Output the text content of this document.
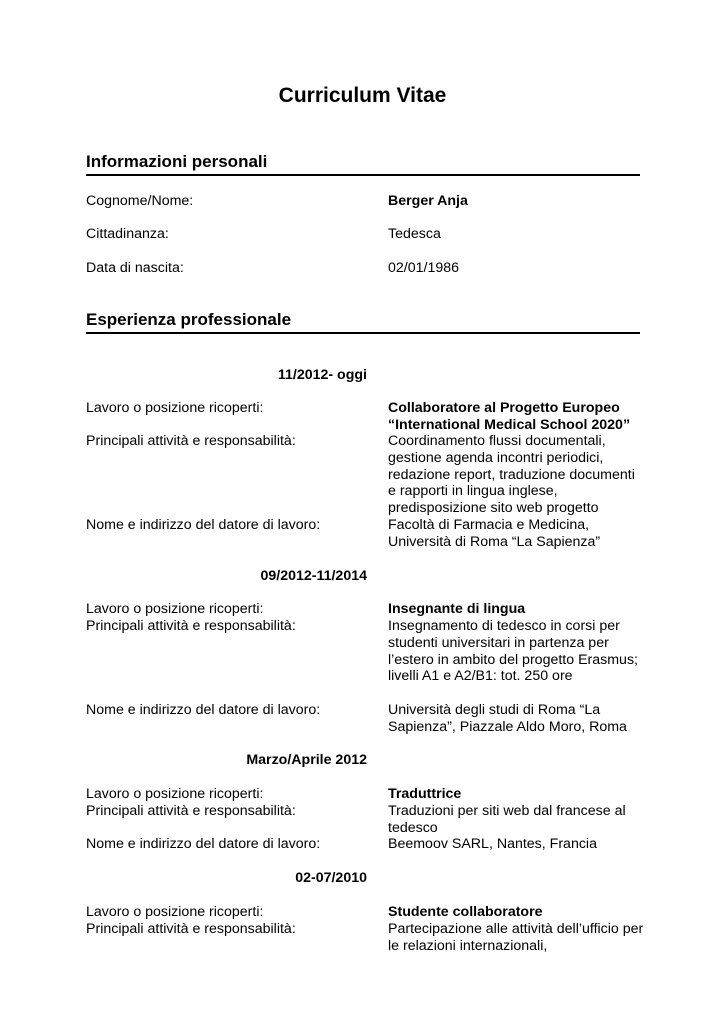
Curriculum Vitae
Informazioni personali
Cognome/Nome:	Berger Anja
Cittadinanza:	Tedesca
Data di nascita:	02/01/1986
Esperienza professionale
11/2012- oggi
Lavoro o posizione ricoperti:	Collaboratore al Progetto Europeo “International Medical School 2020”
Principali attività e responsabilità:	Coordinamento flussi documentali, gestione agenda incontri periodici, redazione report, traduzione documenti e rapporti in lingua inglese, predisposizione sito web progetto
Nome e indirizzo del datore di lavoro:	Facoltà di Farmacia e Medicina, Università di Roma “La Sapienza”
09/2012-11/2014
Lavoro o posizione ricoperti:	Insegnante di lingua
Principali attività e responsabilità:	Insegnamento di tedesco in corsi per studenti universitari in partenza per l’estero in ambito del progetto Erasmus; livelli A1 e A2/B1: tot. 250 ore
Nome e indirizzo del datore di lavoro:	Università degli studi di Roma “La Sapienza”, Piazzale Aldo Moro, Roma
Marzo/Aprile 2012
Lavoro o posizione ricoperti:	Traduttrice
Principali attività e responsabilità:	Traduzioni per siti web dal francese al tedesco
Nome e indirizzo del datore di lavoro:	Beemoov SARL, Nantes, Francia
02-07/2010
Lavoro o posizione ricoperti:	Studente collaboratore
Principali attività e responsabilità:	Partecipazione alle attività dell’ufficio per le relazioni internazionali,
